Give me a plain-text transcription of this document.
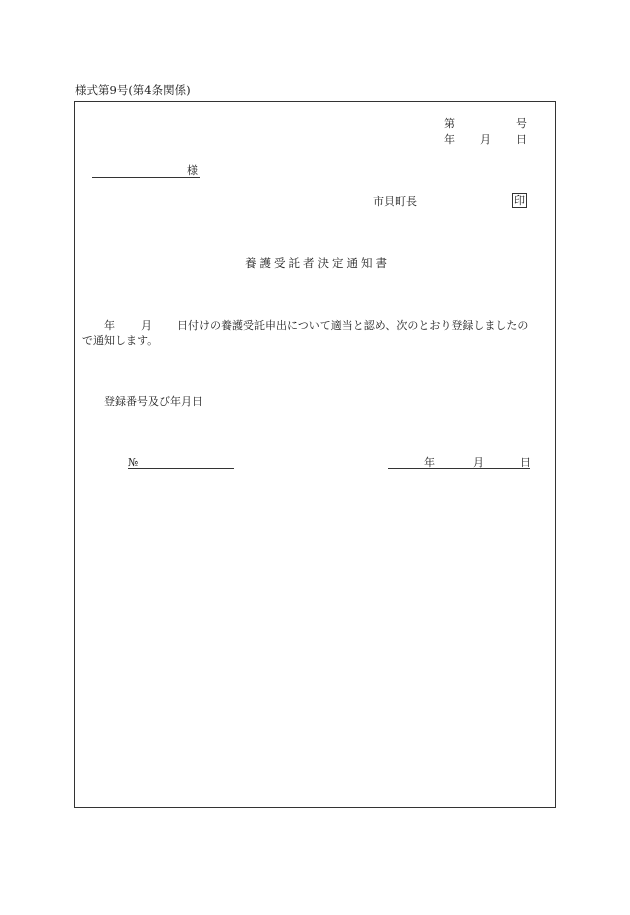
様式第9号(第4条関係)
第	号
年 月 日
様
市貝町長	印
養護受託者決定通知書
年 月 日付けの養護受託申出について適当と認め、次のとおり登録しましたの
で通知します。
登録番号及び年月日
№	年	月	日
